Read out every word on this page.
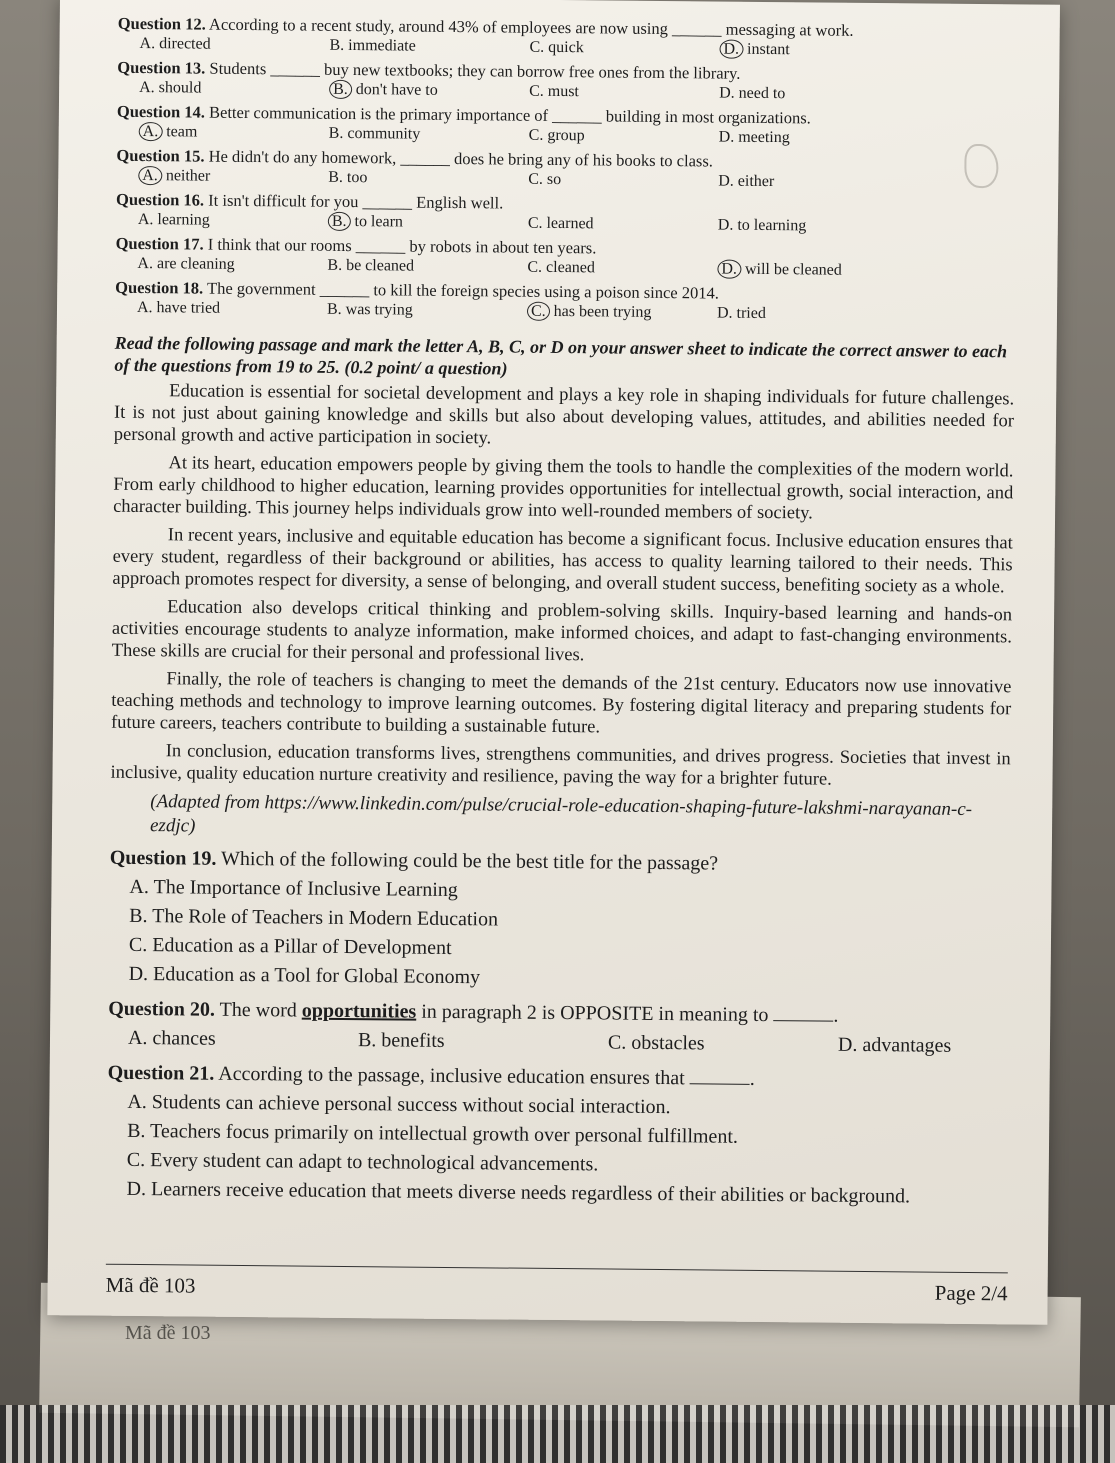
Mã đề 103
Question 12. According to a recent study, around 43% of employees are now using ______ messaging at work.
A. directed	B. immediate	C. quick	D. instant
Question 13. Students ______ buy new textbooks; they can borrow free ones from the library.
A. should	B. don't have to	C. must	D. need to
Question 14. Better communication is the primary importance of ______ building in most organizations.
A. team	B. community	C. group	D. meeting
Question 15. He didn't do any homework, ______ does he bring any of his books to class.
A. neither	B. too	C. so	D. either
Question 16. It isn't difficult for you ______ English well.
A. learning	B. to learn	C. learned	D. to learning
Question 17. I think that our rooms ______ by robots in about ten years.
A. are cleaning	B. be cleaned	C. cleaned	D. will be cleaned
Question 18. The government ______ to kill the foreign species using a poison since 2014.
A. have tried	B. was trying	C. has been trying	D. tried
Read the following passage and mark the letter A, B, C, or D on your answer sheet to indicate the correct answer to each of the questions from 19 to 25. (0.2 point/ a question)

Education is essential for societal development and plays a key role in shaping individuals for future challenges. It is not just about gaining knowledge and skills but also about developing values, attitudes, and abilities needed for personal growth and active participation in society.

At its heart, education empowers people by giving them the tools to handle the complexities of the modern world. From early childhood to higher education, learning provides opportunities for intellectual growth, social interaction, and character building. This journey helps individuals grow into well-rounded members of society.

In recent years, inclusive and equitable education has become a significant focus. Inclusive education ensures that every student, regardless of their background or abilities, has access to quality learning tailored to their needs. This approach promotes respect for diversity, a sense of belonging, and overall student success, benefiting society as a whole.

Education also develops critical thinking and problem-solving skills. Inquiry-based learning and hands-on activities encourage students to analyze information, make informed choices, and adapt to fast-changing environments. These skills are crucial for their personal and professional lives.

Finally, the role of teachers is changing to meet the demands of the 21st century. Educators now use innovative teaching methods and technology to improve learning outcomes. By fostering digital literacy and preparing students for future careers, teachers contribute to building a sustainable future.

In conclusion, education transforms lives, strengthens communities, and drives progress. Societies that invest in inclusive, quality education nurture creativity and resilience, paving the way for a brighter future.

(Adapted from https://www.linkedin.com/pulse/crucial-role-education-shaping-future-lakshmi-narayanan-c-ezdjc)
Question 19. Which of the following could be the best title for the passage?
A. The Importance of Inclusive Learning
B. The Role of Teachers in Modern Education
C. Education as a Pillar of Development
D. Education as a Tool for Global Economy
Question 20. The word opportunities in paragraph 2 is OPPOSITE in meaning to	.
A. chances	B. benefits	C. obstacles	D. advantages
Question 21. According to the passage, inclusive education ensures that	.
A. Students can achieve personal success without social interaction.
B. Teachers focus primarily on intellectual growth over personal fulfillment.
C. Every student can adapt to technological advancements.
D. Learners receive education that meets diverse needs regardless of their abilities or background.
Mã đề 103	Page 2/4
